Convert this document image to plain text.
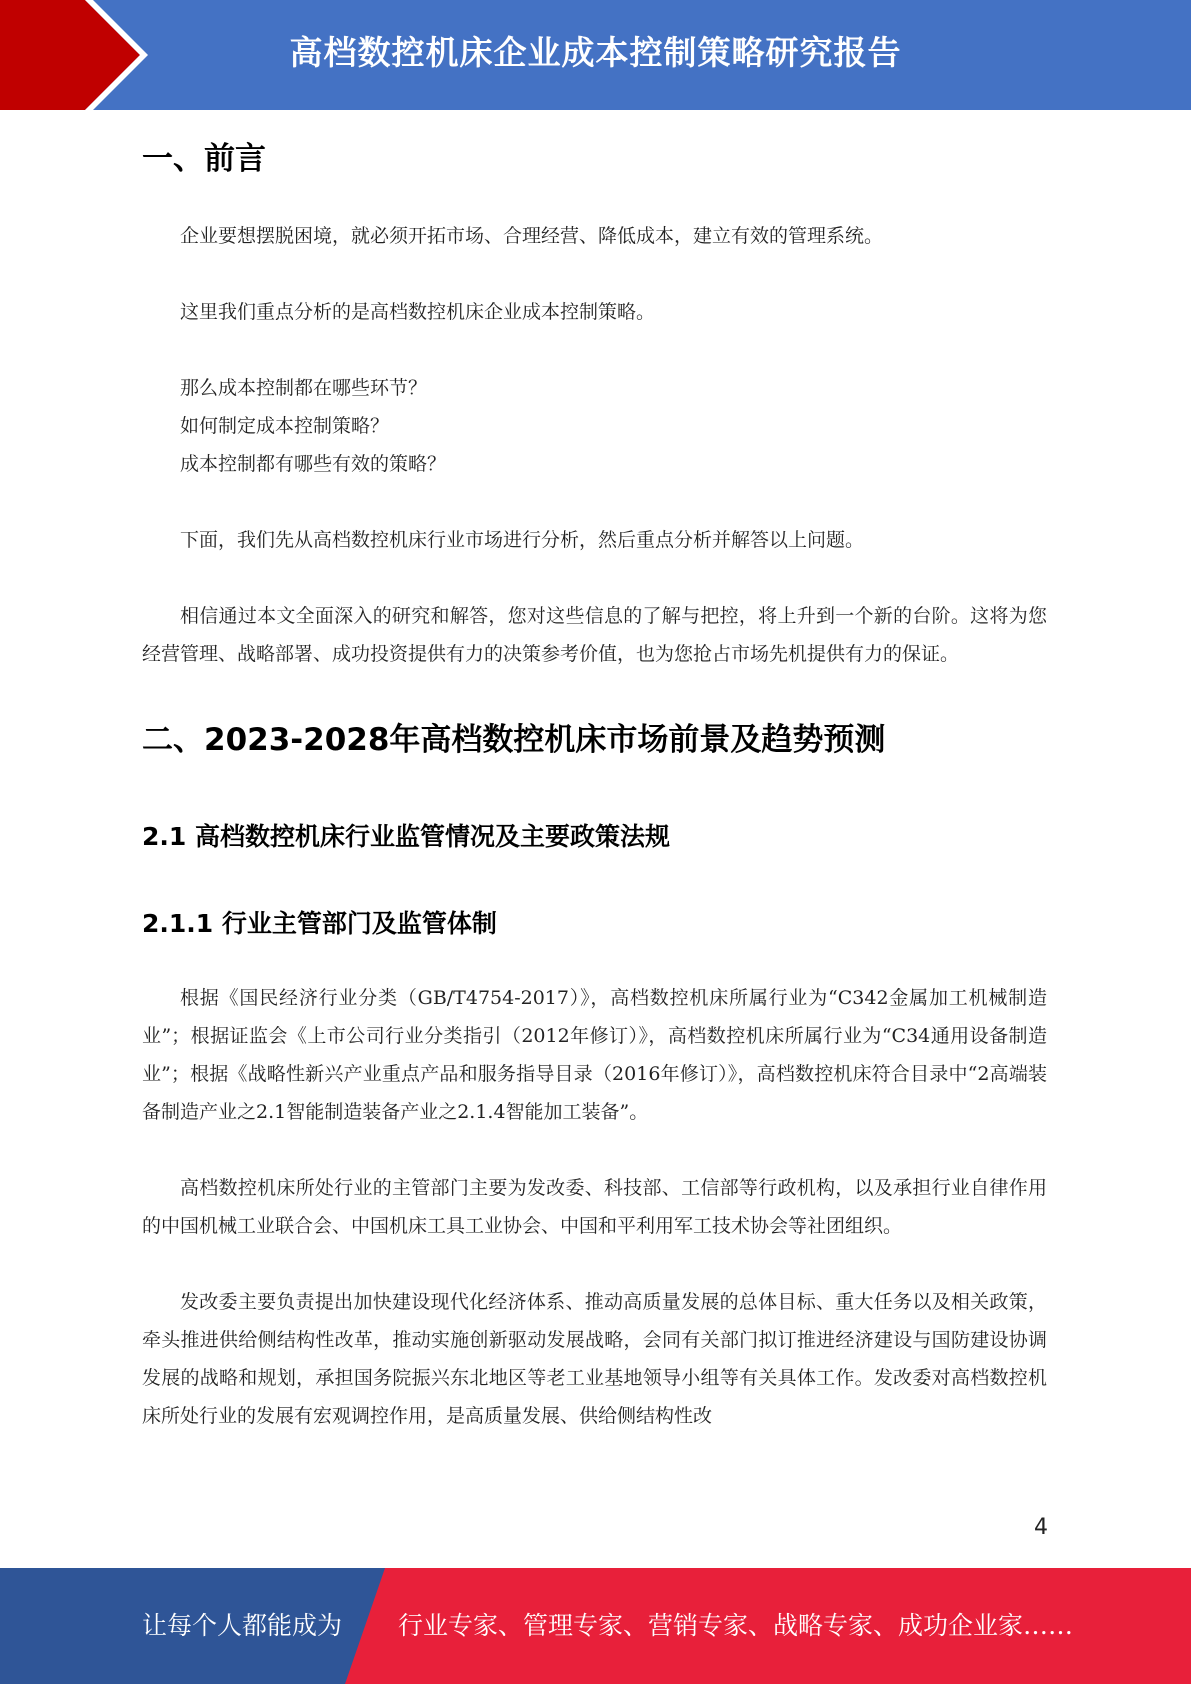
高档数控机床企业成本控制策略研究报告
一、前言

企业要想摆脱困境，就必须开拓市场、合理经营、降低成本，建立有效的管理系统。

这里我们重点分析的是高档数控机床企业成本控制策略。

那么成本控制都在哪些环节？

如何制定成本控制策略？

成本控制都有哪些有效的策略？

下面，我们先从高档数控机床行业市场进行分析，然后重点分析并解答以上问题。

相信通过本文全面深入的研究和解答，您对这些信息的了解与把控，将上升到一个新的台阶。这将为您经营管理、战略部署、成功投资提供有力的决策参考价值，也为您抢占市场先机提供有力的保证。

二、2023-2028年高档数控机床市场前景及趋势预测
2.1 高档数控机床行业监管情况及主要政策法规
2.1.1 行业主管部门及监管体制

根据《国民经济行业分类（GB/T4754-2017）》，高档数控机床所属行业为“C342金属加工机械制造业”；根据证监会《上市公司行业分类指引（2012年修订）》，高档数控机床所属行业为“C34通用设备制造业”；根据《战略性新兴产业重点产品和服务指导目录（2016年修订）》，高档数控机床符合目录中“2高端装备制造产业之2.1智能制造装备产业之2.1.4智能加工装备”。

高档数控机床所处行业的主管部门主要为发改委、科技部、工信部等行政机构，以及承担行业自律作用的中国机械工业联合会、中国机床工具工业协会、中国和平利用军工技术协会等社团组织。

发改委主要负责提出加快建设现代化经济体系、推动高质量发展的总体目标、重大任务以及相关政策，牵头推进供给侧结构性改革，推动实施创新驱动发展战略，会同有关部门拟订推进经济建设与国防建设协调发展的战略和规划，承担国务院振兴东北地区等老工业基地领导小组等有关具体工作。发改委对高档数控机床所处行业的发展有宏观调控作用，是高质量发展、供给侧结构性改

4
让每个人都能成为 行业专家、管理专家、营销专家、战略专家、成功企业家……
